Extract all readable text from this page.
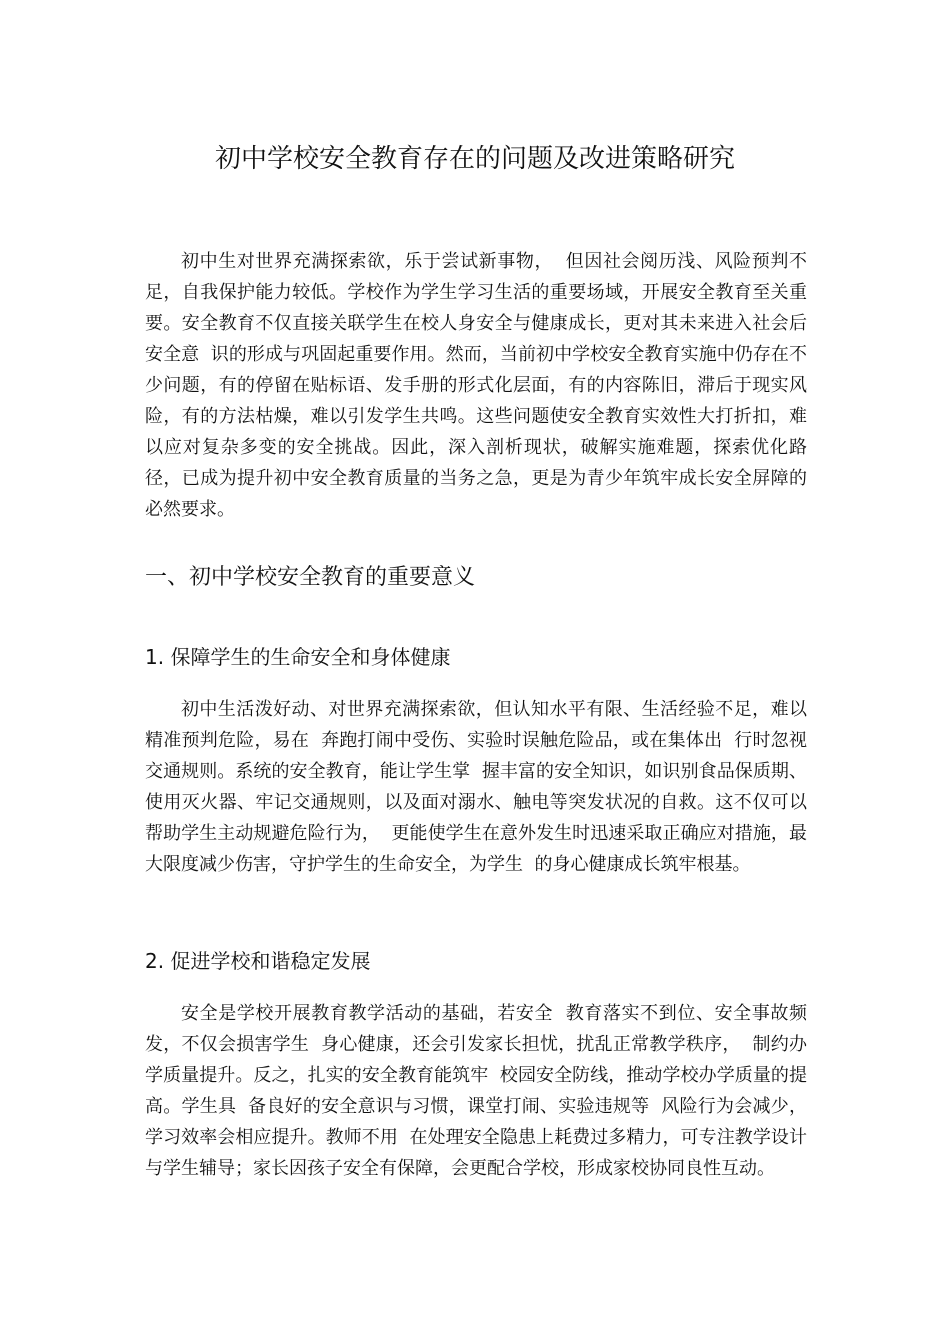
初中学校安全教育存在的问题及改进策略研究

初中生对世界充满探索欲，乐于尝试新事物，  但因社会阅历浅、风险预判不足，自我保护能力较低。学校作为学生学习生活的重要场域，开展安全教育至关重要。安全教育不仅直接关联学生在校人身安全与健康成长，更对其未来进入社会后安全意  识的形成与巩固起重要作用。然而，当前初中学校安全教育实施中仍存在不少问题，有的停留在贴标语、发手册的形式化层面，有的内容陈旧，滞后于现实风险，有的方法枯燥，难以引发学生共鸣。这些问题使安全教育实效性大打折扣，难以应对复杂多变的安全挑战。因此，深入剖析现状，破解实施难题，探索优化路径，已成为提升初中安全教育质量的当务之急，更是为青少年筑牢成长安全屏障的必然要求。

一、初中学校安全教育的重要意义
1. 保障学生的生命安全和身体健康

初中生活泼好动、对世界充满探索欲，但认知水平有限、生活经验不足，难以精准预判危险，易在  奔跑打闹中受伤、实验时误触危险品，或在集体出  行时忽视交通规则。系统的安全教育，能让学生掌  握丰富的安全知识，如识别食品保质期、使用灭火器、牢记交通规则，以及面对溺水、触电等突发状况的自救。这不仅可以帮助学生主动规避危险行为，  更能使学生在意外发生时迅速采取正确应对措施，最大限度减少伤害，守护学生的生命安全，为学生  的身心健康成长筑牢根基。

2. 促进学校和谐稳定发展

安全是学校开展教育教学活动的基础，若安全  教育落实不到位、安全事故频发，不仅会损害学生  身心健康，还会引发家长担忧，扰乱正常教学秩序，  制约办学质量提升。反之，扎实的安全教育能筑牢  校园安全防线，推动学校办学质量的提高。学生具  备良好的安全意识与习惯，课堂打闹、实验违规等  风险行为会减少，学习效率会相应提升。教师不用  在处理安全隐患上耗费过多精力，可专注教学设计  与学生辅导；家长因孩子安全有保障，会更配合学校，形成家校协同良性互动。
